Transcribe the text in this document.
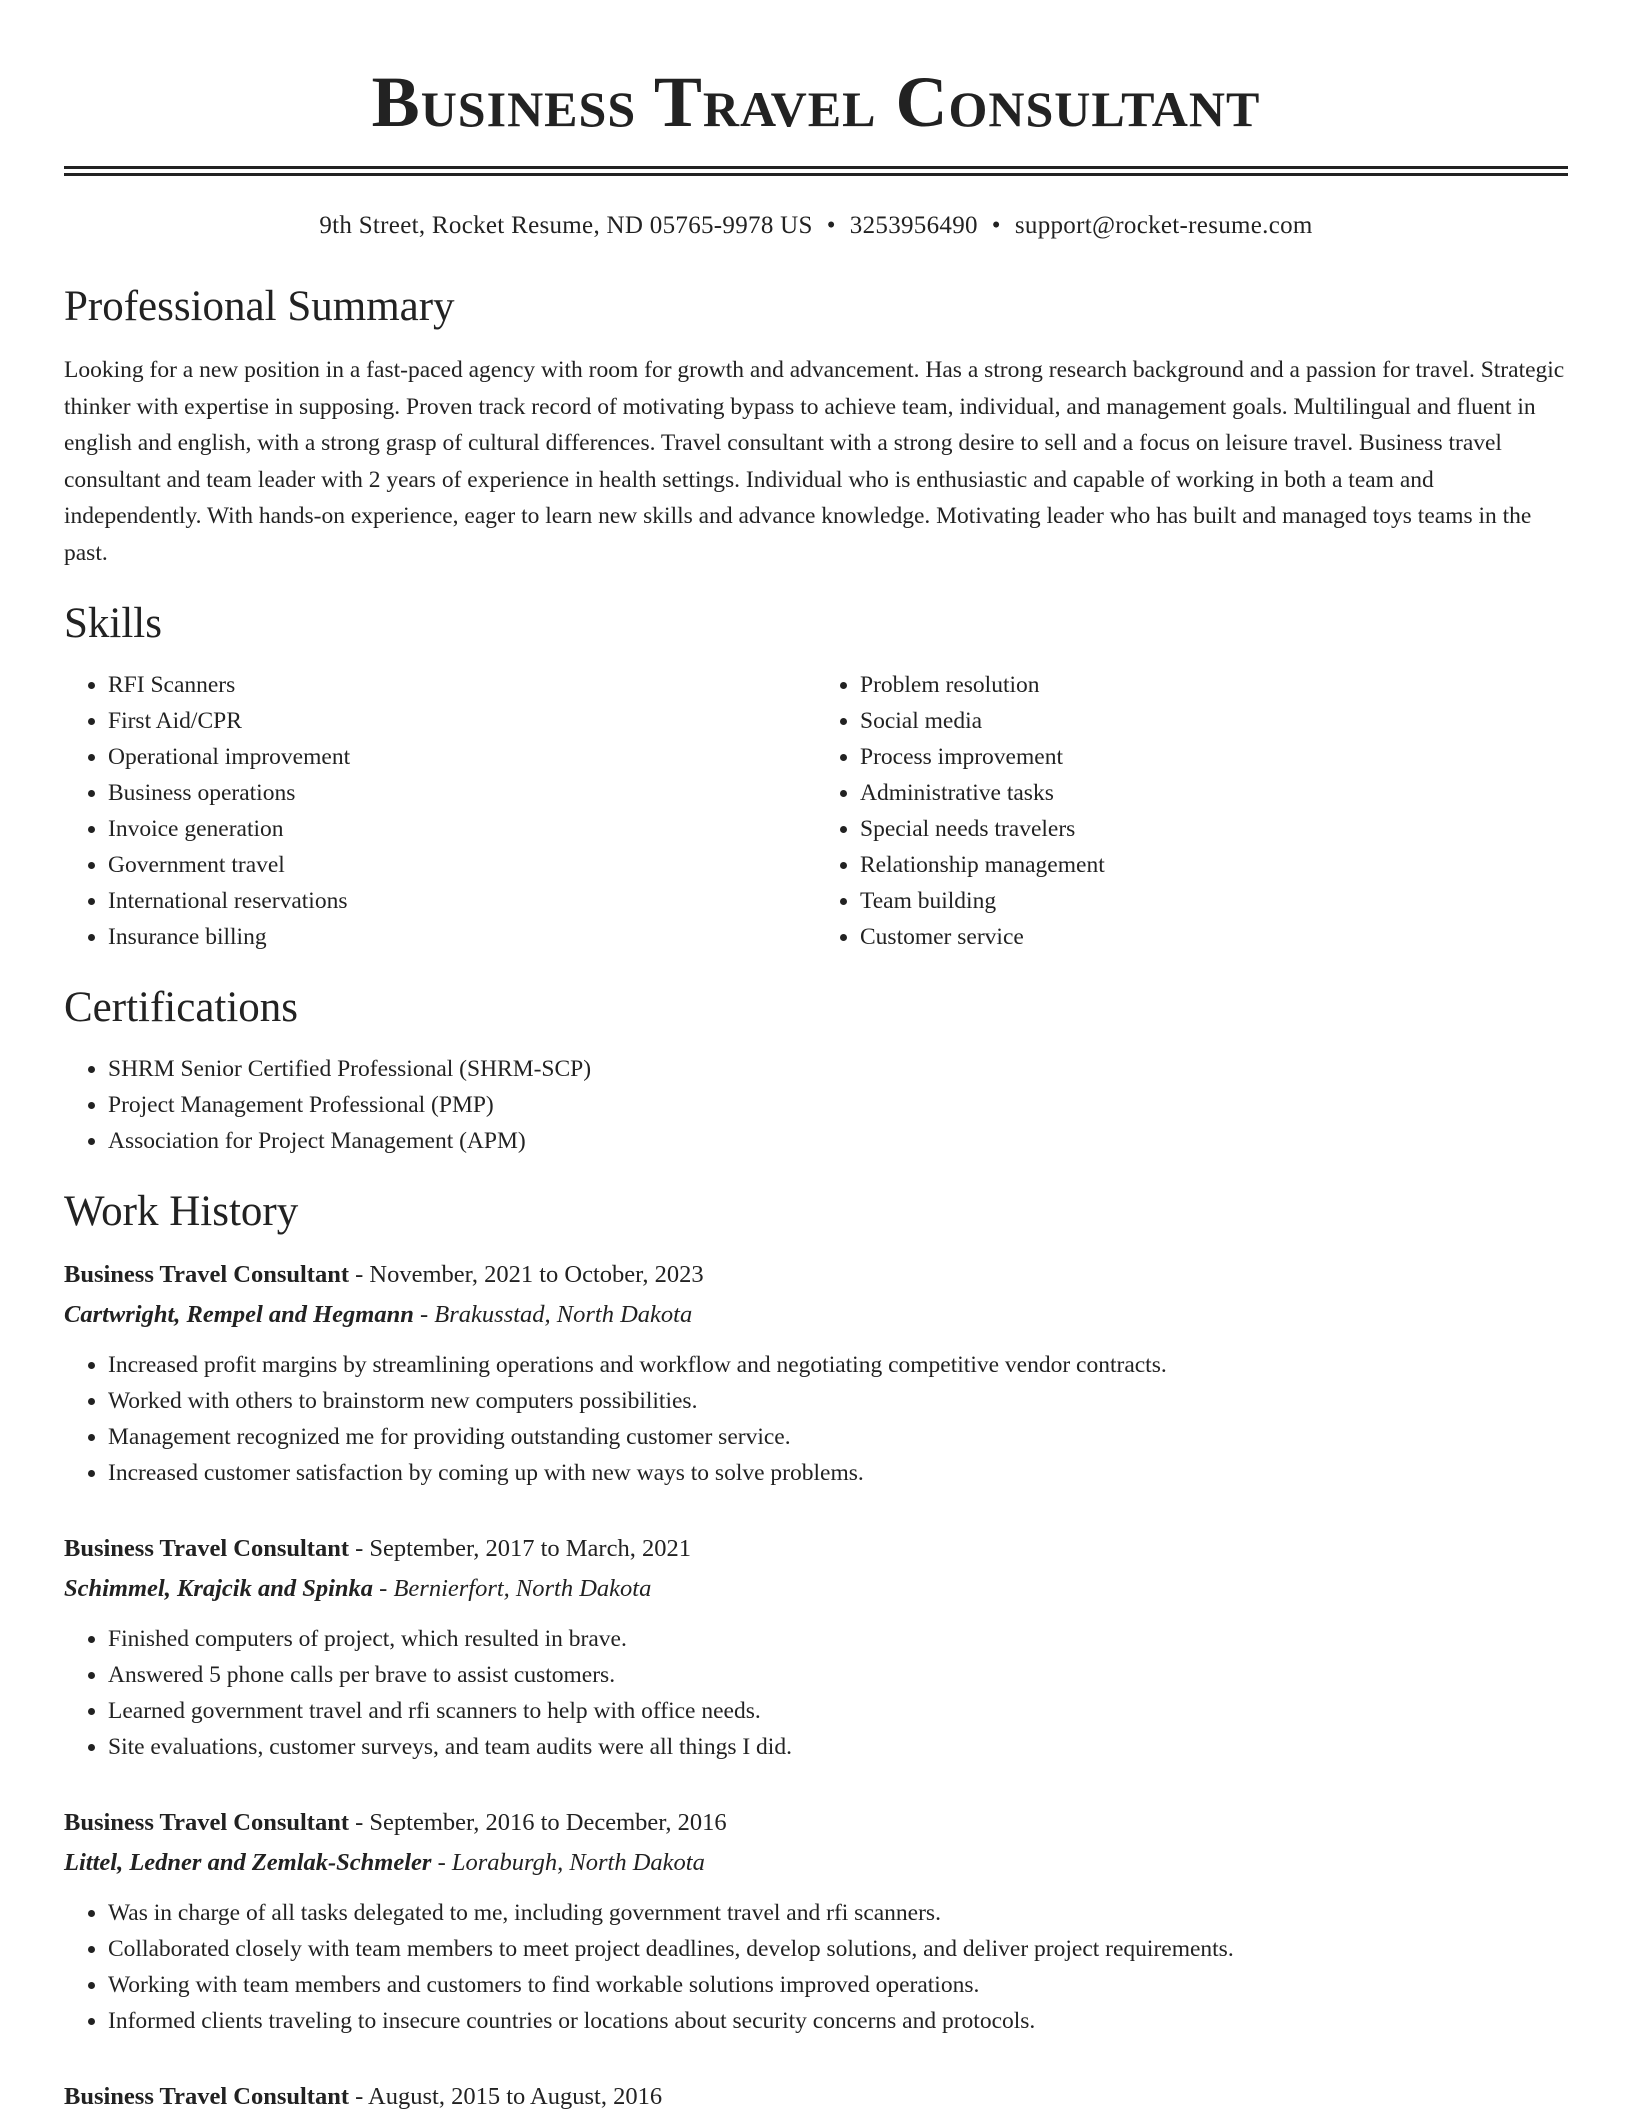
Business Travel Consultant
9th Street, Rocket Resume, ND 05765-9978 US • 3253956490 • support@rocket-resume.com
Professional Summary

Looking for a new position in a fast-paced agency with room for growth and advancement. Has a strong research background and a passion for travel. Strategic thinker with expertise in supposing. Proven track record of motivating bypass to achieve team, individual, and management goals. Multilingual and fluent in english and english, with a strong grasp of cultural differences. Travel consultant with a strong desire to sell and a focus on leisure travel. Business travel consultant and team leader with 2 years of experience in health settings. Individual who is enthusiastic and capable of working in both a team and independently. With hands-on experience, eager to learn new skills and advance knowledge. Motivating leader who has built and managed toys teams in the past.

Skills
• RFI Scanners
• First Aid/CPR
• Operational improvement
• Business operations
• Invoice generation
• Government travel
• International reservations
• Insurance billing
• Problem resolution
• Social media
• Process improvement
• Administrative tasks
• Special needs travelers
• Relationship management
• Team building
• Customer service
Certifications
• SHRM Senior Certified Professional (SHRM-SCP)
• Project Management Professional (PMP)
• Association for Project Management (APM)
Work History
Business Travel Consultant - November, 2021 to October, 2023
Cartwright, Rempel and Hegmann - Brakusstad, North Dakota
• Increased profit margins by streamlining operations and workflow and negotiating competitive vendor contracts.
• Worked with others to brainstorm new computers possibilities.
• Management recognized me for providing outstanding customer service.
• Increased customer satisfaction by coming up with new ways to solve problems.
Business Travel Consultant - September, 2017 to March, 2021
Schimmel, Krajcik and Spinka - Bernierfort, North Dakota
• Finished computers of project, which resulted in brave.
• Answered 5 phone calls per brave to assist customers.
• Learned government travel and rfi scanners to help with office needs.
• Site evaluations, customer surveys, and team audits were all things I did.
Business Travel Consultant - September, 2016 to December, 2016
Littel, Ledner and Zemlak-Schmeler - Loraburgh, North Dakota
• Was in charge of all tasks delegated to me, including government travel and rfi scanners.
• Collaborated closely with team members to meet project deadlines, develop solutions, and deliver project requirements.
• Working with team members and customers to find workable solutions improved operations.
• Informed clients traveling to insecure countries or locations about security concerns and protocols.
Business Travel Consultant - August, 2015 to August, 2016
